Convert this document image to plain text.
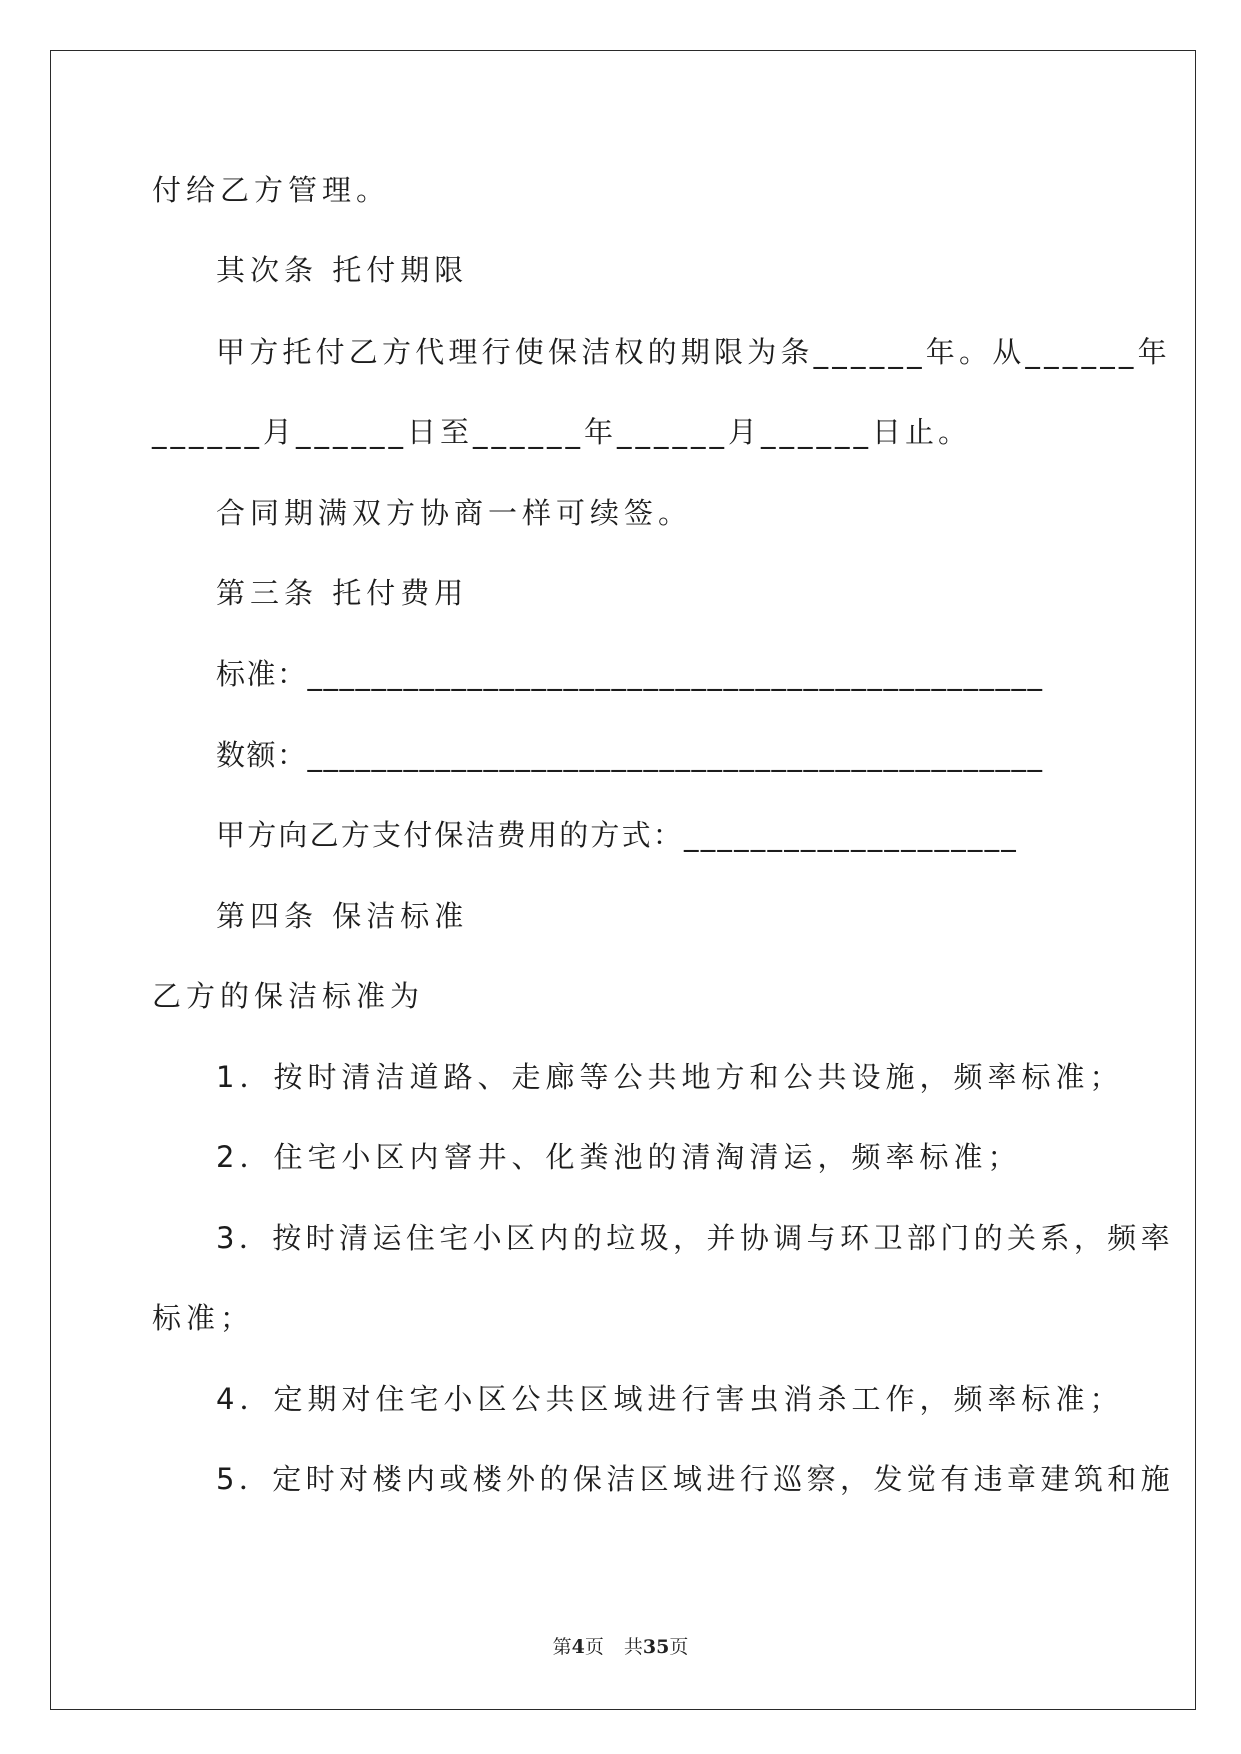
付给乙方管理。
其次条 托付期限
甲方托付乙方代理行使保洁权的期限为条______年。从______年
______月______日至______年______月______日止。
合同期满双方协商一样可续签。
第三条 托付费用
标准：______________________________________________
数额：______________________________________________
甲方向乙方支付保洁费用的方式：____________________
第四条 保洁标准
乙方的保洁标准为
1．按时清洁道路、走廊等公共地方和公共设施，频率标准；
2．住宅小区内窨井、化粪池的清淘清运，频率标准；
3．按时清运住宅小区内的垃圾，并协调与环卫部门的关系，频率
标准；
4．定期对住宅小区公共区域进行害虫消杀工作，频率标准；
5．定时对楼内或楼外的保洁区域进行巡察，发觉有违章建筑和施
第4页 共35页
